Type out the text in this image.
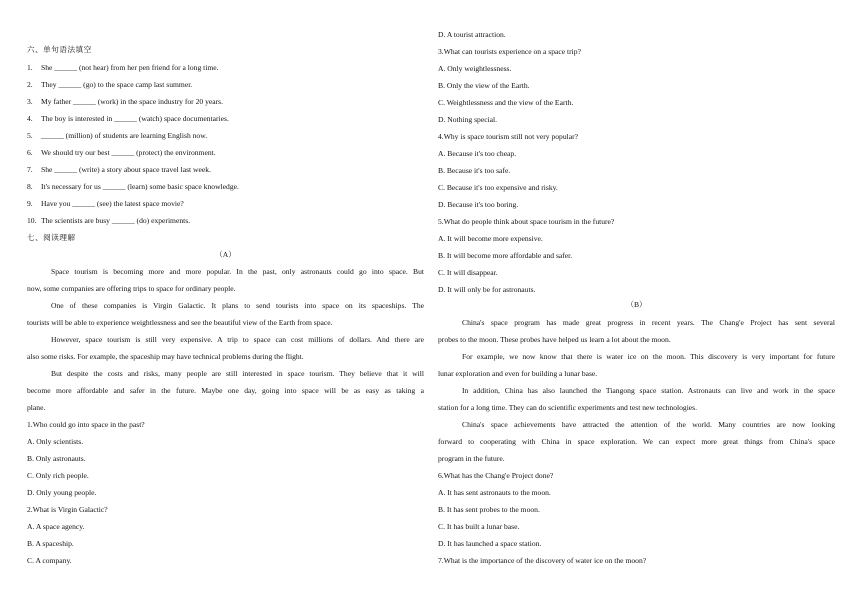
六、单句语法填空
1. She ______ (not hear) from her pen friend for a long time.
2. They ______ (go) to the space camp last summer.
3. My father ______ (work) in the space industry for 20 years.
4. The boy is interested in ______ (watch) space documentaries.
5. ______ (million) of students are learning English now.
6. We should try our best ______ (protect) the environment.
7. She ______ (write) a story about space travel last week.
8. It's necessary for us ______ (learn) some basic space knowledge.
9. Have you ______ (see) the latest space movie?
10. The scientists are busy ______ (do) experiments.
七、阅读理解
（A）
Space tourism is becoming more and more popular. In the past, only astronauts could go into space. But
now, some companies are offering trips to space for ordinary people.
One of these companies is Virgin Galactic. It plans to send tourists into space on its spaceships. The
tourists will be able to experience weightlessness and see the beautiful view of the Earth from space.
However, space tourism is still very expensive. A trip to space can cost millions of dollars. And there are
also some risks. For example, the spaceship may have technical problems during the flight.
But despite the costs and risks, many people are still interested in space tourism. They believe that it will
become more affordable and safer in the future. Maybe one day, going into space will be as easy as taking a
plane.
1.Who could go into space in the past?
A. Only scientists.
B. Only astronauts.
C. Only rich people.
D. Only young people.
2.What is Virgin Galactic?
A. A space agency.
B. A spaceship.
C. A company.
D. A tourist attraction.
3.What can tourists experience on a space trip?
A. Only weightlessness.
B. Only the view of the Earth.
C. Weightlessness and the view of the Earth.
D. Nothing special.
4.Why is space tourism still not very popular?
A. Because it's too cheap.
B. Because it's too safe.
C. Because it's too expensive and risky.
D. Because it's too boring.
5.What do people think about space tourism in the future?
A. It will become more expensive.
B. It will become more affordable and safer.
C. It will disappear.
D. It will only be for astronauts.
（B）
China's space program has made great progress in recent years. The Chang'e Project has sent several
probes to the moon. These probes have helped us learn a lot about the moon.
For example, we now know that there is water ice on the moon. This discovery is very important for future
lunar exploration and even for building a lunar base.
In addition, China has also launched the Tiangong space station. Astronauts can live and work in the space
station for a long time. They can do scientific experiments and test new technologies.
China's space achievements have attracted the attention of the world. Many countries are now looking
forward to cooperating with China in space exploration. We can expect more great things from China's space
program in the future.
6.What has the Chang'e Project done?
A. It has sent astronauts to the moon.
B. It has sent probes to the moon.
C. It has built a lunar base.
D. It has launched a space station.
7.What is the importance of the discovery of water ice on the moon?
